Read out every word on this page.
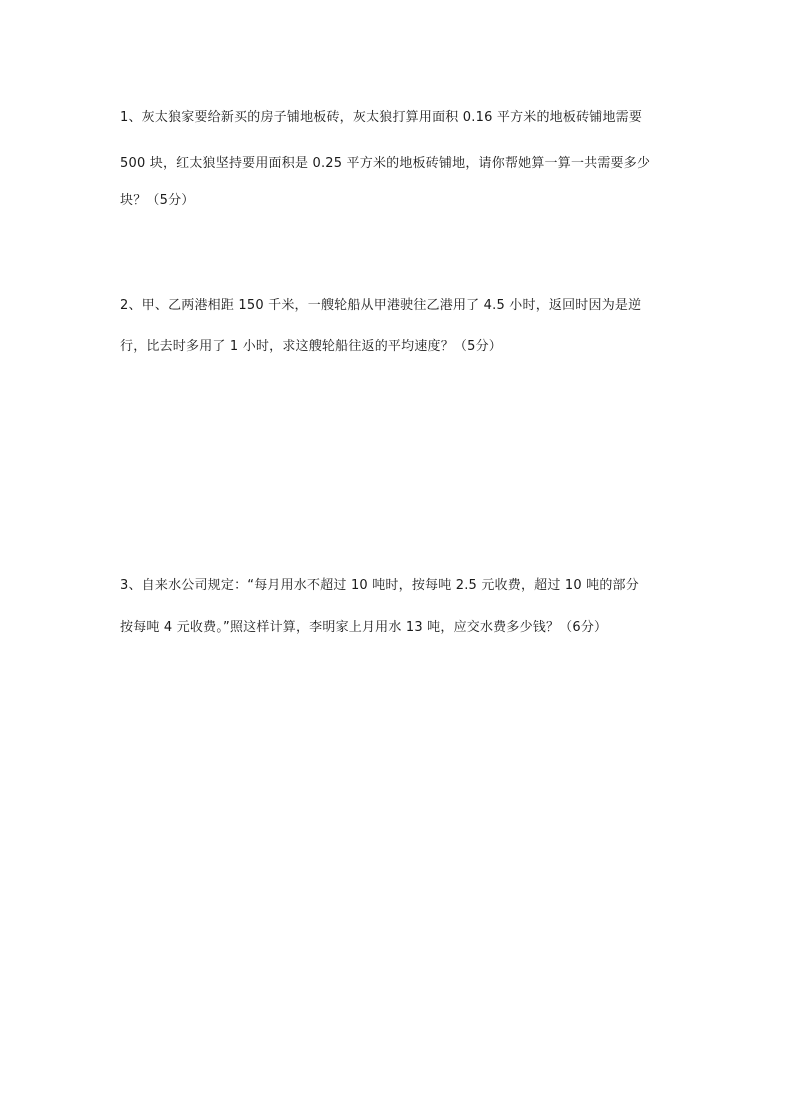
1、灰太狼家要给新买的房子铺地板砖，灰太狼打算用面积 0.16 平方米的地板砖铺地需要
500 块，红太狼坚持要用面积是 0.25 平方米的地板砖铺地，请你帮她算一算一共需要多少
块？（5分）
2、甲、乙两港相距 150 千米，一艘轮船从甲港驶往乙港用了 4.5 小时，返回时因为是逆
行，比去时多用了 1 小时，求这艘轮船往返的平均速度？（5分）
3、自来水公司规定：“每月用水不超过 10 吨时，按每吨 2.5 元收费，超过 10 吨的部分
按每吨 4 元收费。”照这样计算，李明家上月用水 13 吨，应交水费多少钱？（6分）
